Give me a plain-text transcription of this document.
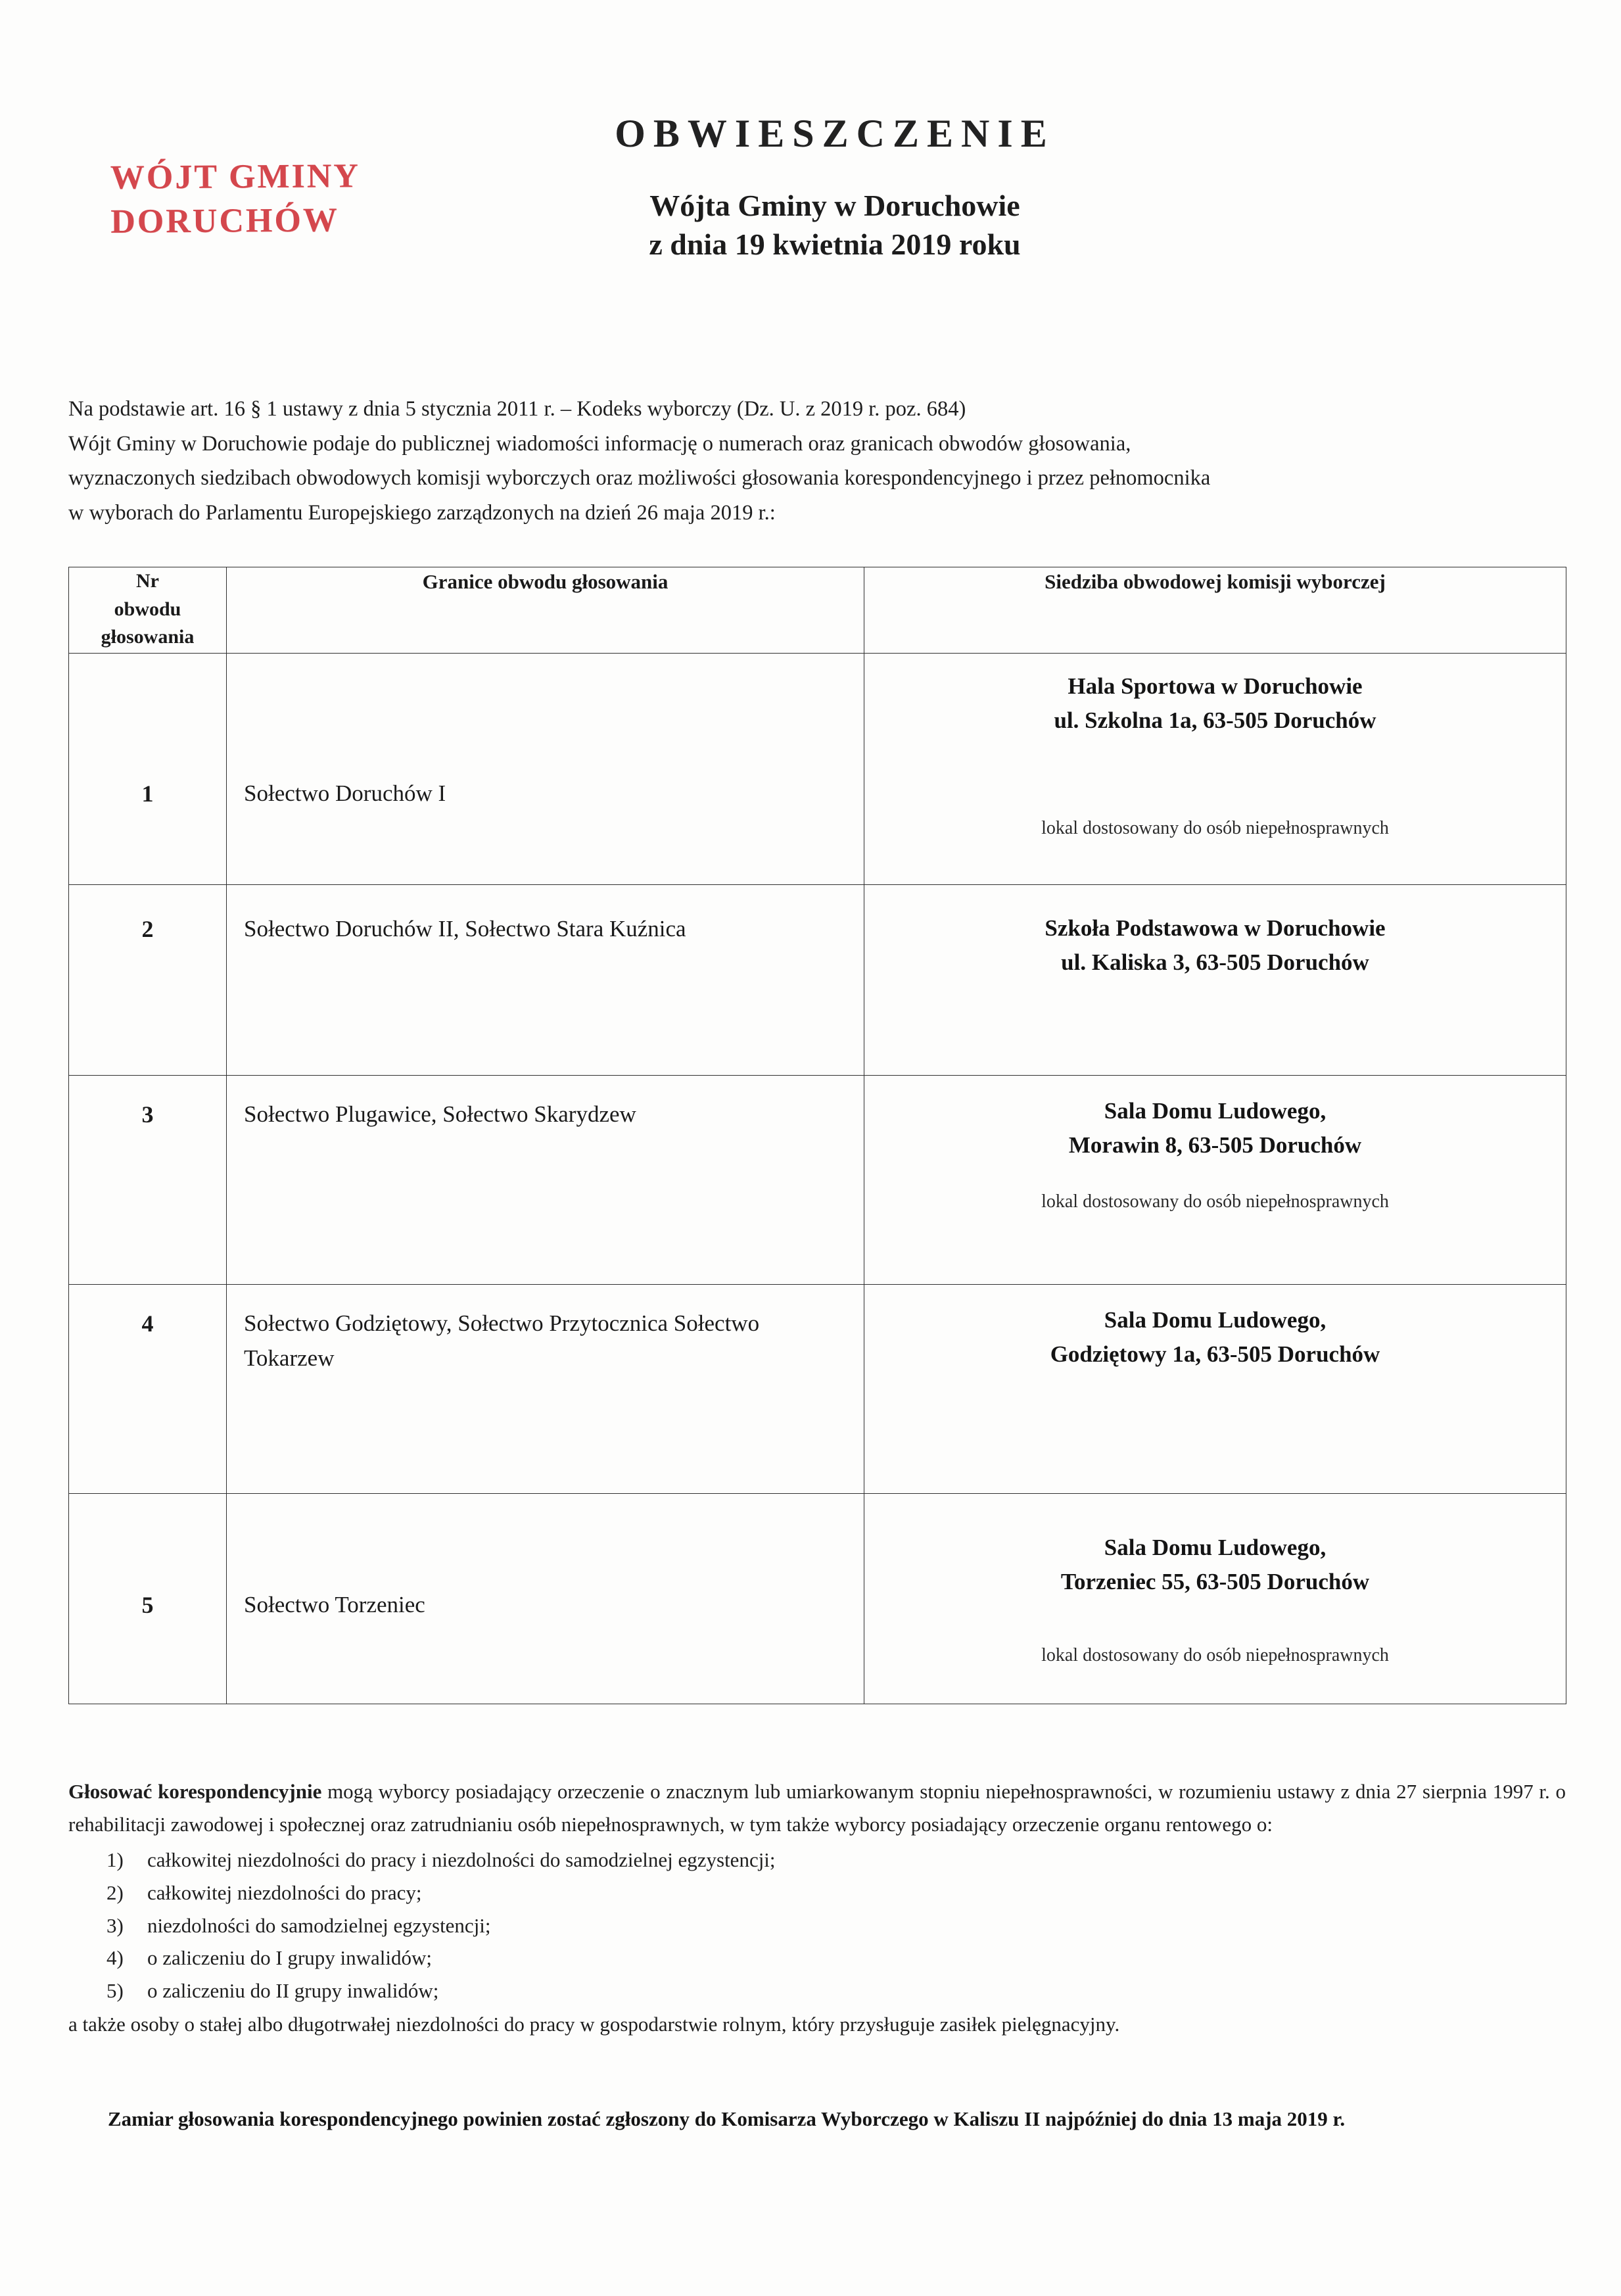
WÓJT GMINY
DORUCHÓW
OBWIESZCZENIE
Wójta Gminy w Doruchowie
z dnia 19 kwietnia 2019 roku
Na podstawie art. 16 § 1 ustawy z dnia 5 stycznia 2011 r. – Kodeks wyborczy (Dz. U. z 2019 r. poz. 684)
Wójt Gminy w Doruchowie podaje do publicznej wiadomości informację o numerach oraz granicach obwodów głosowania,
wyznaczonych siedzibach obwodowych komisji wyborczych oraz możliwości głosowania korespondencyjnego i przez pełnomocnika
w wyborach do Parlamentu Europejskiego zarządzonych na dzień 26 maja 2019 r.:
Nr
obwodu
głosowania	Granice obwodu głosowania	Siedziba obwodowej komisji wyborczej

1	Sołectwo Doruchów I	Hala Sportowa w Doruchowie
ul. Szkolna 1a, 63-505 Doruchów
lokal dostosowany do osób niepełnosprawnych

2	Sołectwo Doruchów II, Sołectwo Stara Kuźnica	Szkoła Podstawowa w Doruchowie
ul. Kaliska 3, 63-505 Doruchów

3	Sołectwo Plugawice, Sołectwo Skarydzew	Sala Domu Ludowego,
Morawin 8, 63-505 Doruchów
lokal dostosowany do osób niepełnosprawnych

4	Sołectwo Godziętowy, Sołectwo Przytocznica Sołectwo Tokarzew	Sala Domu Ludowego,
Godziętowy 1a, 63-505 Doruchów

5	Sołectwo Torzeniec	Sala Domu Ludowego,
Torzeniec 55, 63-505 Doruchów
lokal dostosowany do osób niepełnosprawnych
Głosować korespondencyjnie mogą wyborcy posiadający orzeczenie o znacznym lub umiarkowanym stopniu niepełnosprawności, w rozumieniu ustawy z dnia 27 sierpnia 1997 r. o rehabilitacji zawodowej i społecznej oraz zatrudnianiu osób niepełnosprawnych, w tym także wyborcy posiadający orzeczenie organu rentowego o:
1)	całkowitej niezdolności do pracy i niezdolności do samodzielnej egzystencji;
2)	całkowitej niezdolności do pracy;
3)	niezdolności do samodzielnej egzystencji;
4)	o zaliczeniu do I grupy inwalidów;
5)	o zaliczeniu do II grupy inwalidów;
a także osoby o stałej albo długotrwałej niezdolności do pracy w gospodarstwie rolnym, który przysługuje zasiłek pielęgnacyjny.
Zamiar głosowania korespondencyjnego powinien zostać zgłoszony do Komisarza Wyborczego w Kaliszu II najpóźniej do dnia 13 maja 2019 r.
